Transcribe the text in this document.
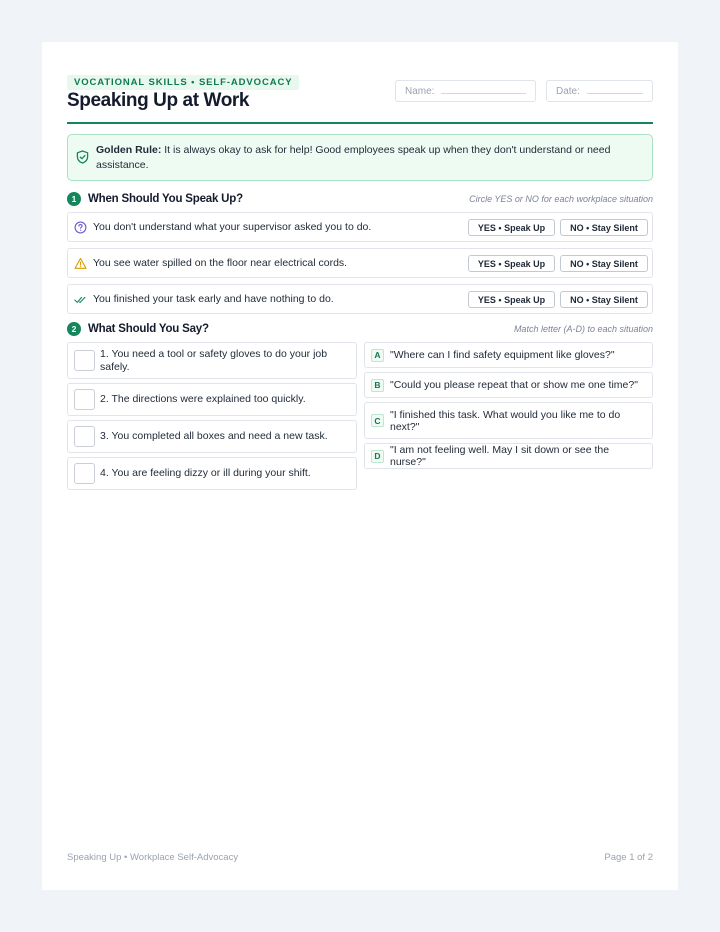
VOCATIONAL SKILLS • SELF-ADVOCACY
Speaking Up at Work	Name:	Date:
Golden Rule: It is always okay to ask for help! Good employees speak up when they don't understand or need assistance.
1	When Should You Speak Up?	Circle YES or NO for each workplace situation
You don't understand what your supervisor asked you to do.	YES • Speak Up	NO • Stay Silent
You see water spilled on the floor near electrical cords.	YES • Speak Up	NO • Stay Silent
You finished your task early and have nothing to do.	YES • Speak Up	NO • Stay Silent
2	What Should You Say?	Match letter (A-D) to each situation
1. You need a tool or safety gloves to do your job safely.
2. The directions were explained too quickly.
3. You completed all boxes and need a new task.
4. You are feeling dizzy or ill during your shift.
A "Where can I find safety equipment like gloves?"
B "Could you please repeat that or show me one time?"
C "I finished this task. What would you like me to do next?"
D "I am not feeling well. May I sit down or see the nurse?"
Speaking Up • Workplace Self-Advocacy	Page 1 of 2
